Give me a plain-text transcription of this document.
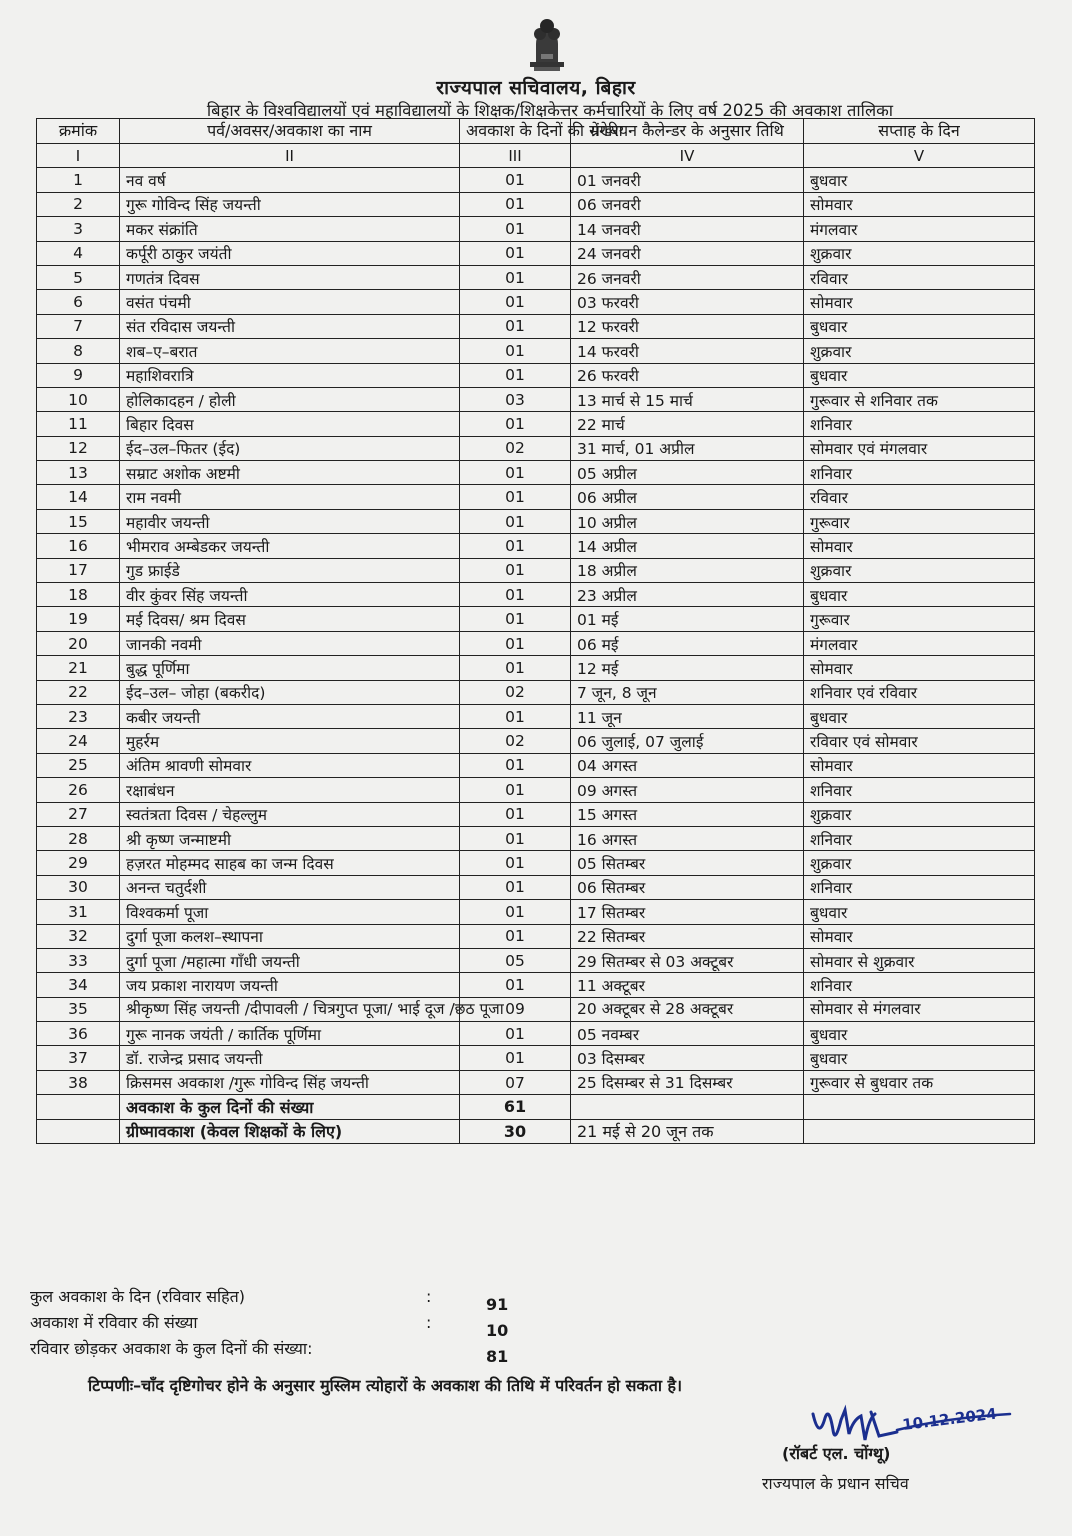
राज्यपाल सचिवालय, बिहार
बिहार के विश्वविद्यालयों एवं महाविद्यालयों के शिक्षक/शिक्षकेत्तर कर्मचारियों के लिए वर्ष 2025 की अवकाश तालिका
क्रमांक	पर्व/अवसर/अवकाश का नाम	अवकाश के दिनों की संख्या	ग्रेगेरियन कैलेन्डर के अनुसार तिथि	सप्ताह के दिन
I	II	III	IV	V
1	नव वर्ष	01	01 जनवरी	बुधवार
2	गुरू गोविन्द सिंह जयन्ती	01	06 जनवरी	सोमवार
3	मकर संक्रांति	01	14 जनवरी	मंगलवार
4	कर्पूरी ठाकुर जयंती	01	24 जनवरी	शुक्रवार
5	गणतंत्र दिवस	01	26 जनवरी	रविवार
6	वसंत पंचमी	01	03 फरवरी	सोमवार
7	संत रविदास जयन्ती	01	12 फरवरी	बुधवार
8	शब–ए–बरात	01	14 फरवरी	शुक्रवार
9	महाशिवरात्रि	01	26 फरवरी	बुधवार
10	होलिकादहन / होली	03	13 मार्च से 15 मार्च	गुरूवार से शनिवार तक
11	बिहार दिवस	01	22 मार्च	शनिवार
12	ईद–उल–फितर (ईद)	02	31 मार्च, 01 अप्रील	सोमवार एवं मंगलवार
13	सम्राट अशोक अष्टमी	01	05 अप्रील	शनिवार
14	राम नवमी	01	06 अप्रील	रविवार
15	महावीर जयन्ती	01	10 अप्रील	गुरूवार
16	भीमराव अम्बेडकर जयन्ती	01	14 अप्रील	सोमवार
17	गुड फ्राईडे	01	18 अप्रील	शुक्रवार
18	वीर कुंवर सिंह जयन्ती	01	23 अप्रील	बुधवार
19	मई दिवस/ श्रम दिवस	01	01 मई	गुरूवार
20	जानकी नवमी	01	06 मई	मंगलवार
21	बुद्ध पूर्णिमा	01	12 मई	सोमवार
22	ईद–उल– जोहा (बकरीद)	02	7 जून, 8 जून	शनिवार एवं रविवार
23	कबीर जयन्ती	01	11 जून	बुधवार
24	मुहर्रम	02	06 जुलाई, 07 जुलाई	रविवार एवं सोमवार
25	अंतिम श्रावणी सोमवार	01	04 अगस्त	सोमवार
26	रक्षाबंधन	01	09 अगस्त	शनिवार
27	स्वतंत्रता दिवस / चेहल्लुम	01	15 अगस्त	शुक्रवार
28	श्री कृष्ण जन्माष्टमी	01	16 अगस्त	शनिवार
29	हज़रत मोहम्मद साहब का जन्म दिवस	01	05 सितम्बर	शुक्रवार
30	अनन्त चतुर्दशी	01	06 सितम्बर	शनिवार
31	विश्वकर्मा पूजा	01	17 सितम्बर	बुधवार
32	दुर्गा पूजा कलश–स्थापना	01	22 सितम्बर	सोमवार
33	दुर्गा पूजा /महात्मा गाँधी जयन्ती	05	29 सितम्बर से 03 अक्टूबर	सोमवार से शुक्रवार
34	जय प्रकाश नारायण जयन्ती	01	11 अक्टूबर	शनिवार
35	श्रीकृष्ण सिंह जयन्ती /दीपावली / चित्रगुप्त पूजा/ भाई दूज /छठ पूजा	09	20 अक्टूबर से 28 अक्टूबर	सोमवार से मंगलवार
36	गुरू नानक जयंती / कार्तिक पूर्णिमा	01	05 नवम्बर	बुधवार
37	डॉ. राजेन्द्र प्रसाद जयन्ती	01	03 दिसम्बर	बुधवार
38	क्रिसमस अवकाश /गुरू गोविन्द सिंह जयन्ती	07	25 दिसम्बर से 31 दिसम्बर	गुरूवार से बुधवार तक
	अवकाश के कुल दिनों की संख्या	61		
	ग्रीष्मावकाश (केवल शिक्षकों के लिए)	30	21 मई से 20 जून तक	
कुल अवकाश के दिन (रविवार सहित)	:	91
अवकाश में रविवार की संख्या	:	10
रविवार छोड़कर अवकाश के कुल दिनों की संख्या:	81
टिप्पणीः–चाँद दृष्टिगोचर होने के अनुसार मुस्लिम त्योहारों के अवकाश की तिथि में परिवर्तन हो सकता है।
10.12.2024
(रॉबर्ट एल. चोंग्थू)
राज्यपाल के प्रधान सचिव
